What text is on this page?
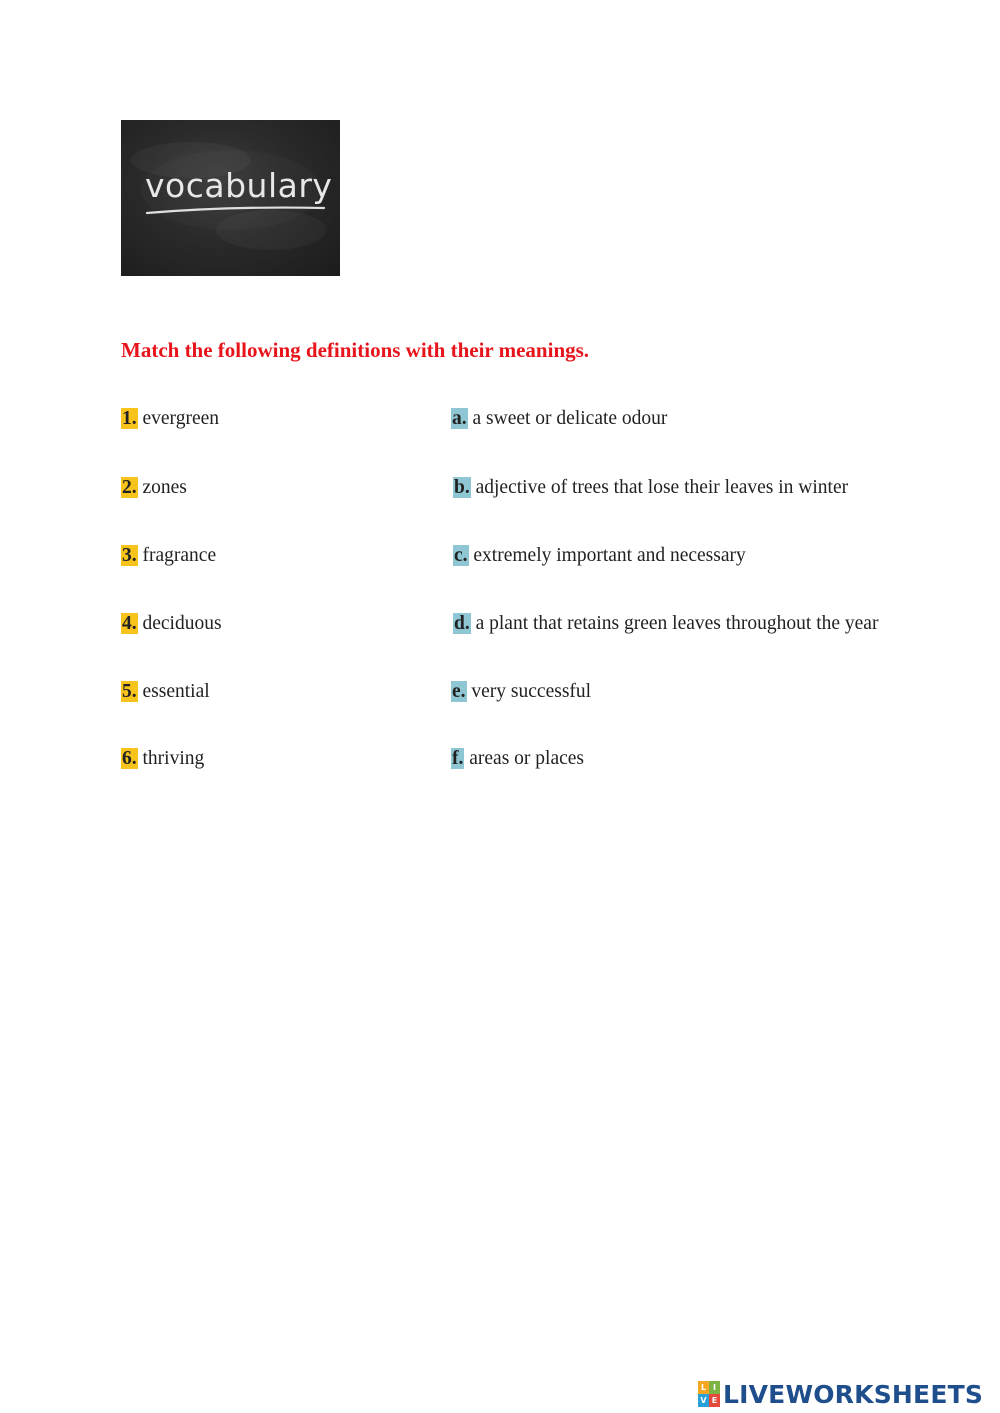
vocabulary
Match the following definitions with their meanings.
1. evergreen
2. zones
3. fragrance
4. deciduous
5. essential
6. thriving
a. a sweet or delicate odour
b. adjective of trees that lose their leaves in winter
c. extremely important and necessary
d. a plant that retains green leaves throughout the year
e. very successful
f. areas or places
L I
V E LIVEWORKSHEETS
